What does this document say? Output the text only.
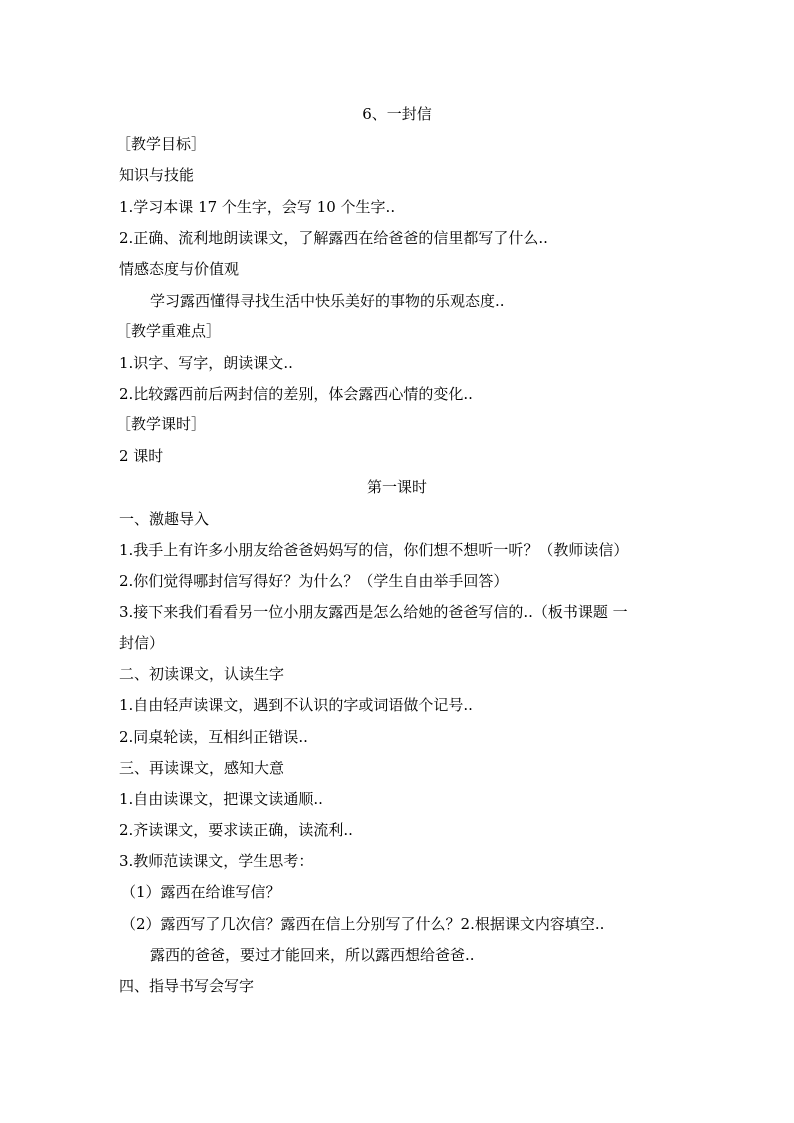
6、一封信
［教学目标］
知识与技能
1.学习本课 17 个生字，会写 10 个生字..
2.正确、流利地朗读课文，了解露西在给爸爸的信里都写了什么..
情感态度与价值观
学习露西懂得寻找生活中快乐美好的事物的乐观态度..
［教学重难点］
1.识字、写字，朗读课文..
2.比较露西前后两封信的差别，体会露西心情的变化..
［教学课时］
2 课时
第一课时
一、激趣导入
1.我手上有许多小朋友给爸爸妈妈写的信，你们想不想听一听？（教师读信）
2.你们觉得哪封信写得好？为什么？（学生自由举手回答）
3.接下来我们看看另一位小朋友露西是怎么给她的爸爸写信的..（板书课题 一
封信）
二、初读课文，认读生字
1.自由轻声读课文，遇到不认识的字或词语做个记号..
2.同桌轮读，互相纠正错误..
三、再读课文，感知大意
1.自由读课文，把课文读通顺..
2.齐读课文，要求读正确，读流利..
3.教师范读课文，学生思考：
（1）露西在给谁写信？
（2）露西写了几次信？露西在信上分别写了什么？2.根据课文内容填空..
露西的爸爸，要过才能回来，所以露西想给爸爸..
四、指导书写会写字
